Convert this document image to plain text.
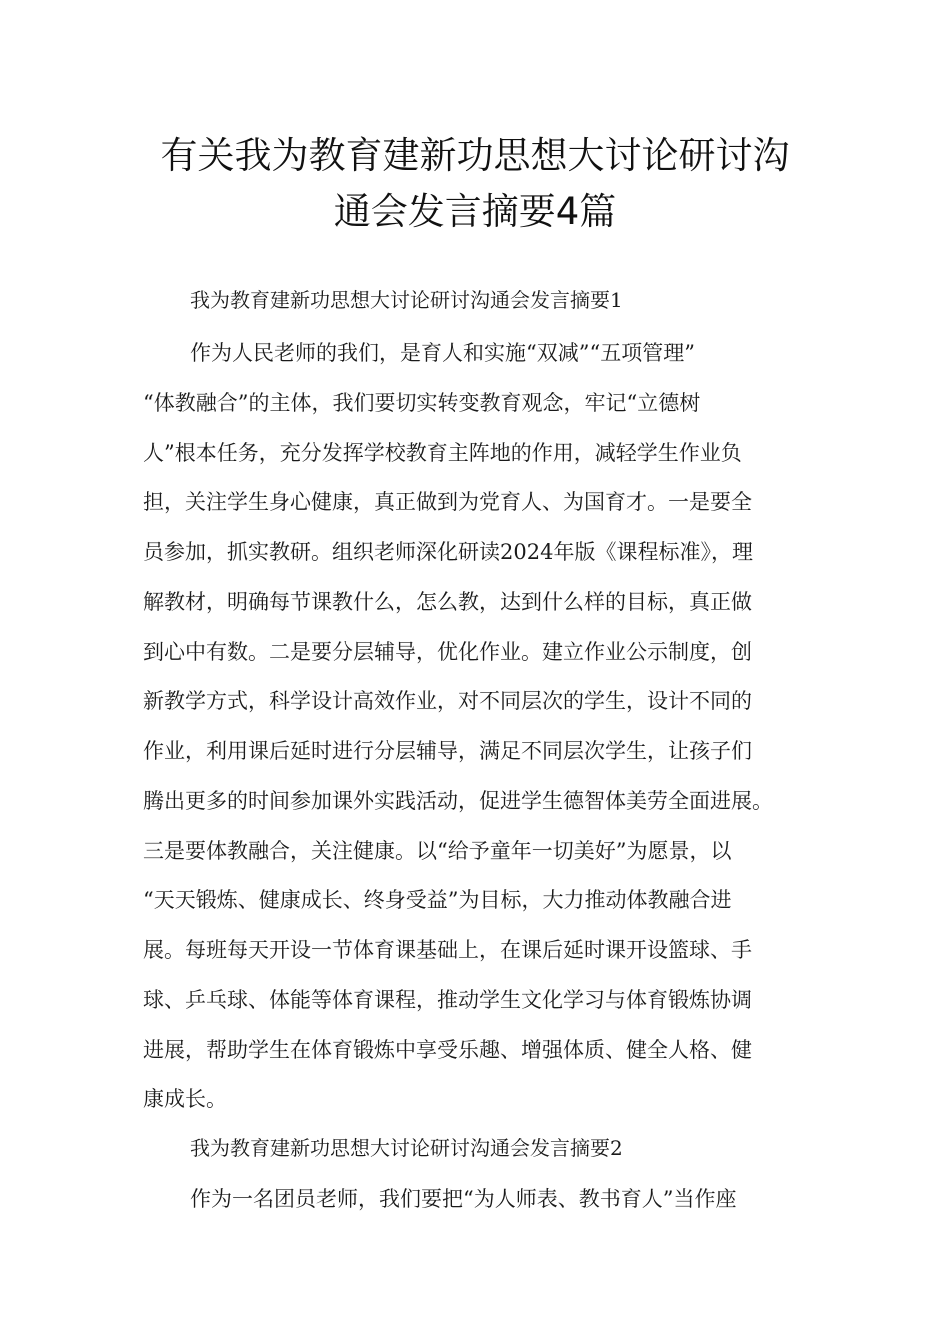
有关我为教育建新功思想大讨论研讨沟
通会发言摘要4篇
我为教育建新功思想大讨论研讨沟通会发言摘要1
作为人民老师的我们，是育人和实施“双减”“五项管理”
“体教融合”的主体，我们要切实转变教育观念，牢记“立德树
人”根本任务，充分发挥学校教育主阵地的作用，减轻学生作业负
担，关注学生身心健康，真正做到为党育人、为国育才。一是要全
员参加，抓实教研。组织老师深化研读2024年版《课程标准》，理
解教材，明确每节课教什么，怎么教，达到什么样的目标，真正做
到心中有数。二是要分层辅导，优化作业。建立作业公示制度，创
新教学方式，科学设计高效作业，对不同层次的学生，设计不同的
作业，利用课后延时进行分层辅导，满足不同层次学生，让孩子们
腾出更多的时间参加课外实践活动，促进学生德智体美劳全面进展。
三是要体教融合，关注健康。以“给予童年一切美好”为愿景，以
“天天锻炼、健康成长、终身受益”为目标，大力推动体教融合进
展。每班每天开设一节体育课基础上，在课后延时课开设篮球、手
球、乒乓球、体能等体育课程，推动学生文化学习与体育锻炼协调
进展，帮助学生在体育锻炼中享受乐趣、增强体质、健全人格、健
康成长。
我为教育建新功思想大讨论研讨沟通会发言摘要2
作为一名团员老师，我们要把“为人师表、教书育人”当作座
